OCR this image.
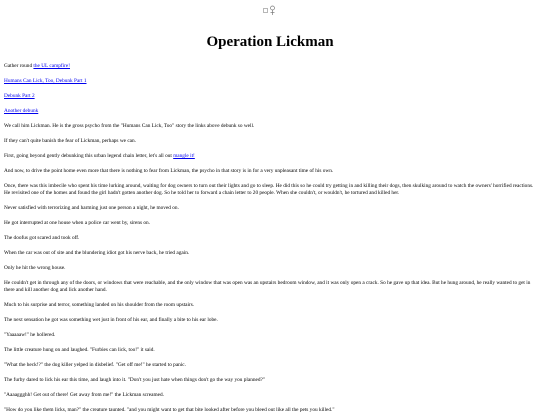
Operation Lickman

Gather round the UL campfire!

Humans Can Lick, Too, Debunk Part 1

Debunk Part 2

Another debunk

We call him Lickman. He is the gross psycho from the "Humans Can Lick, Too" story the links above debunk so well.

If they can't quite banish the fear of Lickman, perhaps we can.

First, going beyond gently debunking this urban legend chain letter, let's all out mangle it!

And now, to drive the point home even more that there is nothing to fear from Lickman, the psycho in that story is in for a very unpleasant time of his own.

Once, there was this imbecile who spent his time lurking around, waiting for dog owners to turn out their lights and go to sleep. He did this so he could try getting in and killing their dogs, then skulking around to watch the owners' horrified reactions. He revisited one of the homes and found the girl hadn't gotten another dog. So he told her to forward a chain letter to 20 people. When she couldn't, or wouldn't, he tortured and killed her.

Never satisfied with terrorizing and harming just one person a night, he moved on.

He got interrupted at one house when a police car went by, sirens on.

The doofus got scared and took off.

When the car was out of site and the blundering idiot got his nerve back, he tried again.

Only he hit the wrong house.

He couldn't get in through any of the doors, or windows that were reachable, and the only window that was open was an upstairs bedroom window, and it was only open a crack. So he gave up that idea. But he hung around, he really wanted to get in there and kill another dog and lick another hand.

Much to his surprise and terror, something landed on his shoulder from the room upstairs.

The next sensation he got was something wet just in front of his ear, and finally a bite to his ear lobe.

"Yaaaaaw!" he hollered.

The little creature hung on and laughed. "Furbies can lick, too!" it said.

"What the heck!?" the dog killer yelped in disbelief. "Get off me!" he started to panic.

The furby dared to lick his ear this time, and laugh into it. "Don't you just hate when things don't go the way you planned?"

"Aaaaggghh! Get out of there! Get away from me!" the Lickman screamed.

"How do you like them licks, man?" the creature taunted. "and you might want to get that bite looked after before you bleed out like all the pets you killed."
